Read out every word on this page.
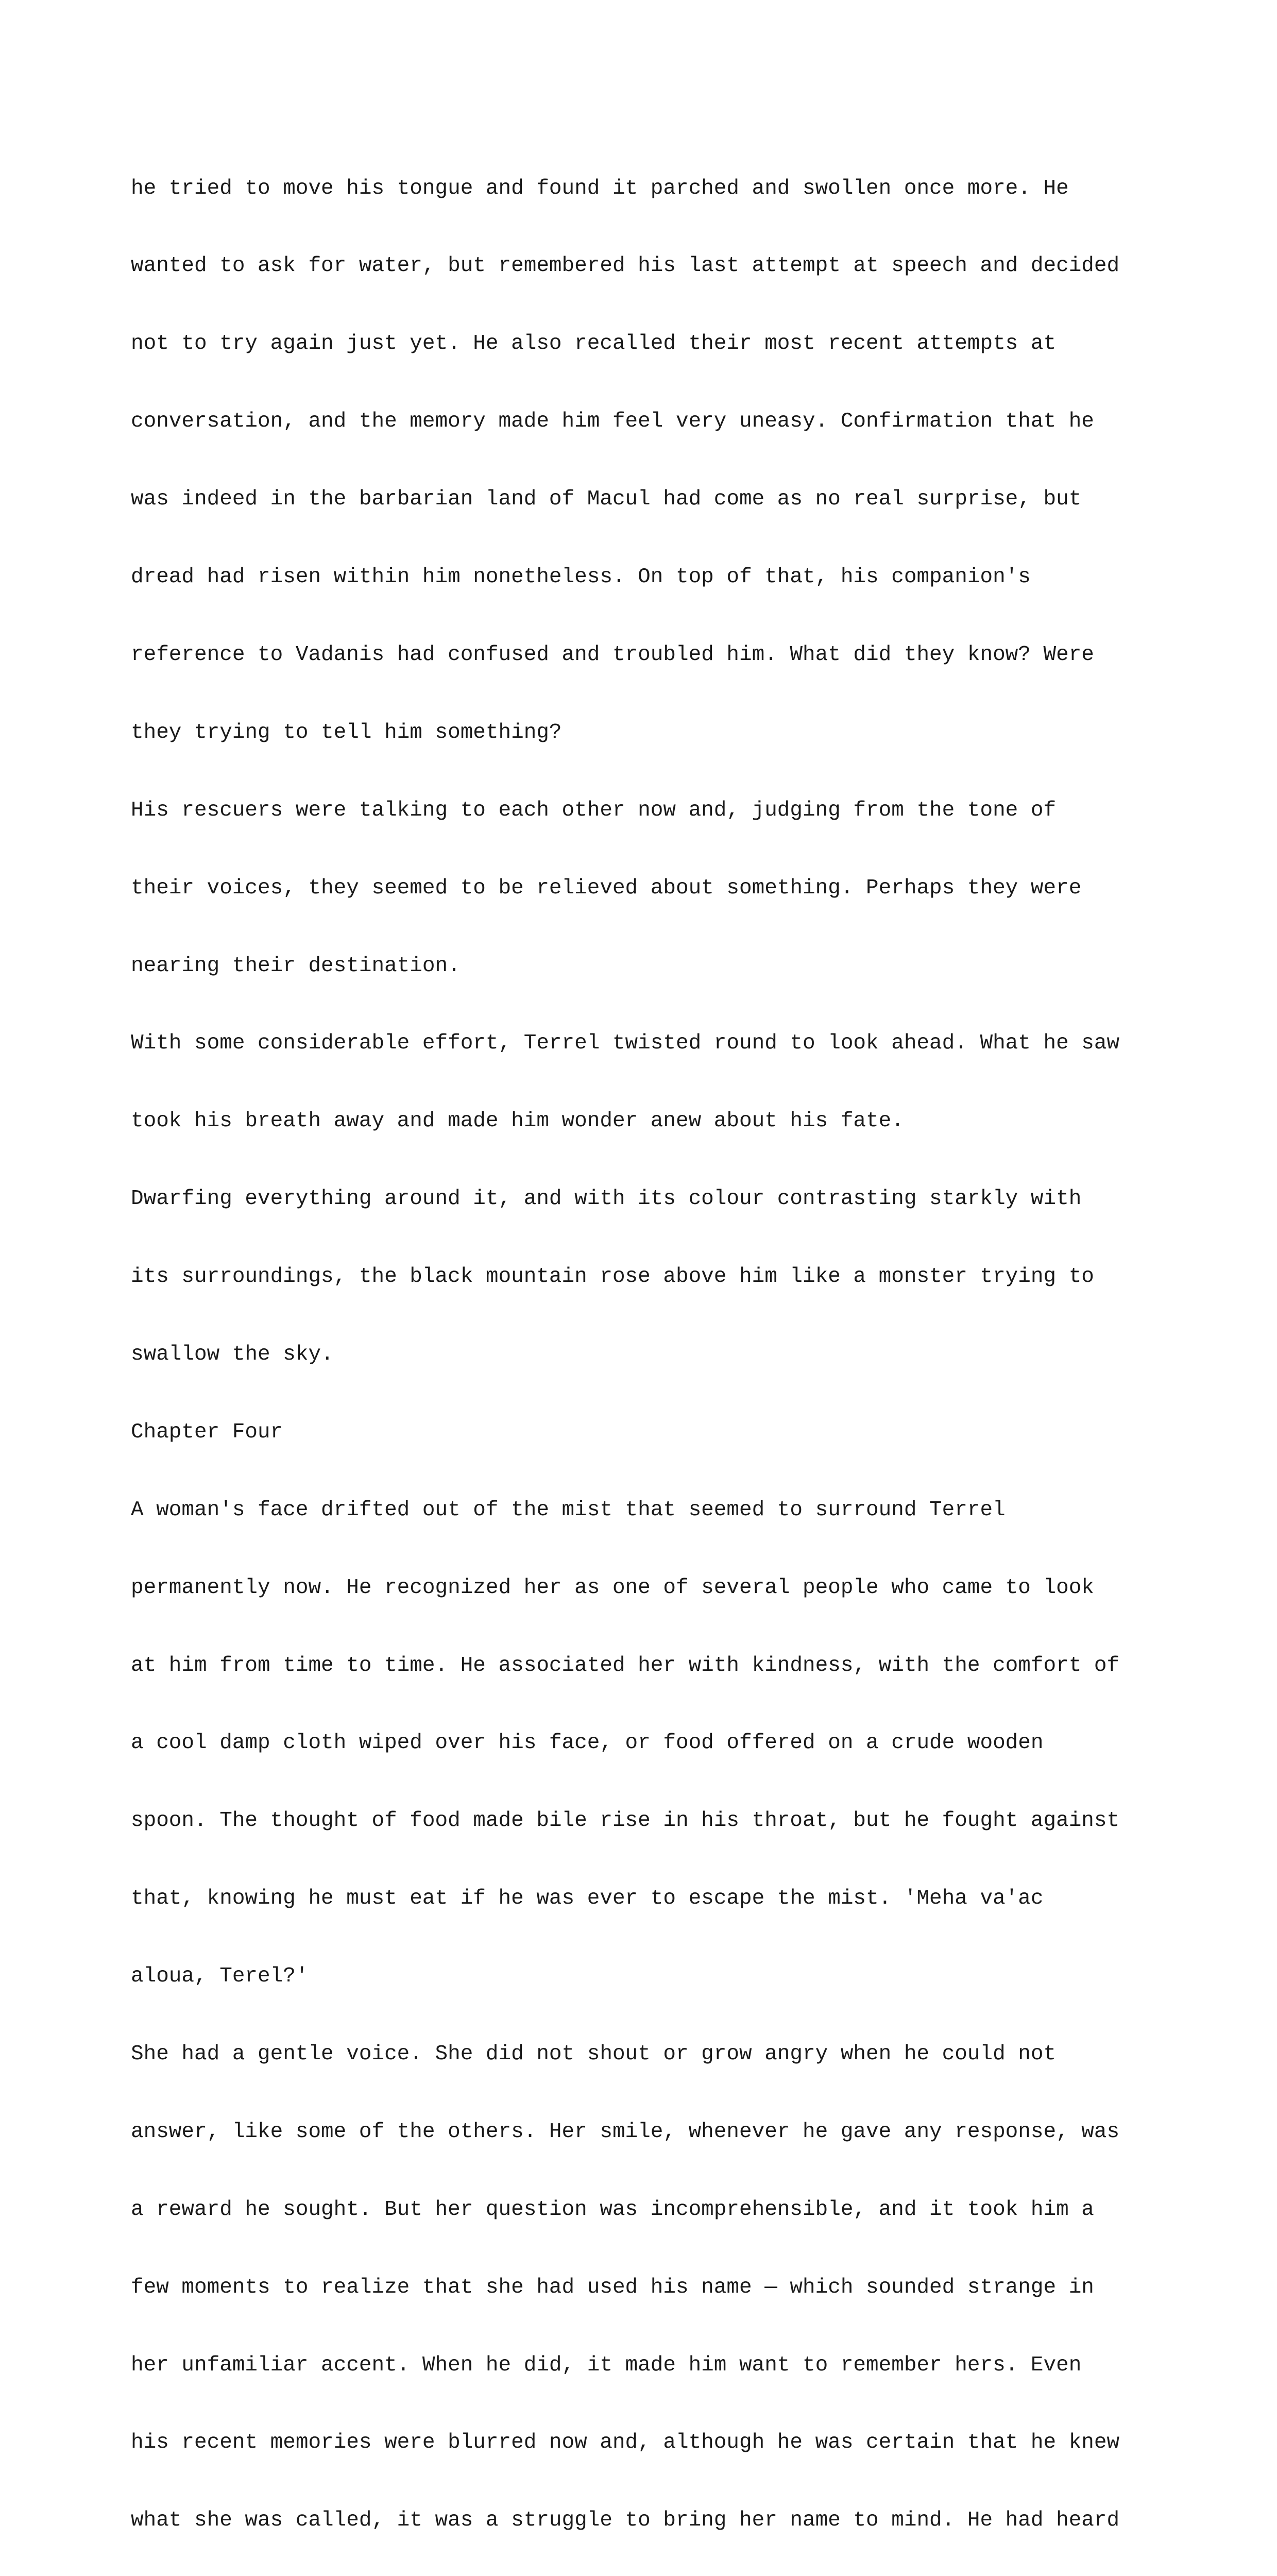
he tried to move his tongue and found it parched and swollen once more. He

wanted to ask for water, but remembered his last attempt at speech and decided

not to try again just yet. He also recalled their most recent attempts at

conversation, and the memory made him feel very uneasy. Confirmation that he

was indeed in the barbarian land of Macul had come as no real surprise, but

dread had risen within him nonetheless. On top of that, his companion's

reference to Vadanis had confused and troubled him. What did they know? Were

they trying to tell him something?

His rescuers were talking to each other now and, judging from the tone of

their voices, they seemed to be relieved about something. Perhaps they were

nearing their destination.

With some considerable effort, Terrel twisted round to look ahead. What he saw

took his breath away and made him wonder anew about his fate.

Dwarfing everything around it, and with its colour contrasting starkly with

its surroundings, the black mountain rose above him like a monster trying to

swallow the sky.

Chapter Four

A woman's face drifted out of the mist that seemed to surround Terrel

permanently now. He recognized her as one of several people who came to look

at him from time to time. He associated her with kindness, with the comfort of

a cool damp cloth wiped over his face, or food offered on a crude wooden

spoon. The thought of food made bile rise in his throat, but he fought against

that, knowing he must eat if he was ever to escape the mist. 'Meha va'ac

aloua, Terel?'

She had a gentle voice. She did not shout or grow angry when he could not

answer, like some of the others. Her smile, whenever he gave any response, was

a reward he sought. But her question was incomprehensible, and it took him a

few moments to realize that she had used his name — which sounded strange in

her unfamiliar accent. When he did, it made him want to remember hers. Even

his recent memories were blurred now and, although he was certain that he knew

what she was called, it was a struggle to bring her name to mind. He had heard
